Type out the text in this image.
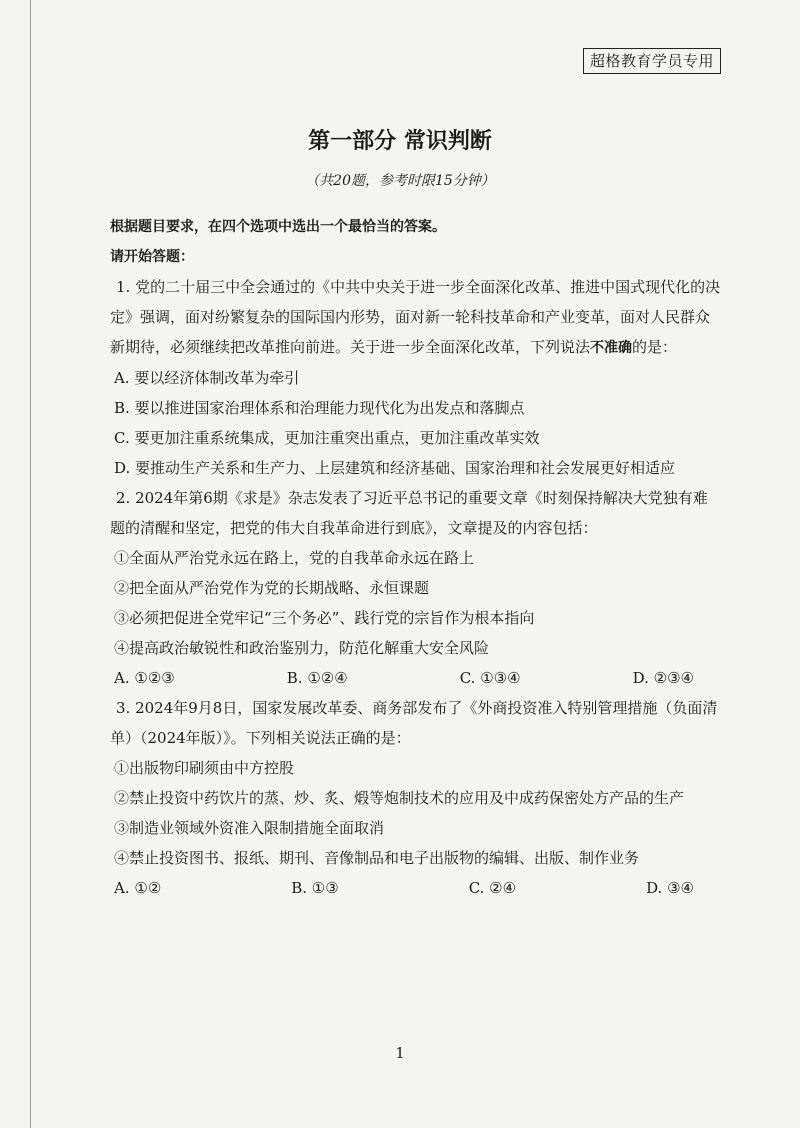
超格教育学员专用
第一部分 常识判断
（共20题，参考时限15分钟）

根据题目要求，在四个选项中选出一个最恰当的答案。

请开始答题：

1. 党的二十届三中全会通过的《中共中央关于进一步全面深化改革、推进中国式现代化的决定》强调，面对纷繁复杂的国际国内形势，面对新一轮科技革命和产业变革，面对人民群众新期待，必须继续把改革推向前进。关于进一步全面深化改革，下列说法不准确的是：

A. 要以经济体制改革为牵引

B. 要以推进国家治理体系和治理能力现代化为出发点和落脚点

C. 要更加注重系统集成，更加注重突出重点，更加注重改革实效

D. 要推动生产关系和生产力、上层建筑和经济基础、国家治理和社会发展更好相适应

2. 2024年第6期《求是》杂志发表了习近平总书记的重要文章《时刻保持解决大党独有难题的清醒和坚定，把党的伟大自我革命进行到底》，文章提及的内容包括：

①全面从严治党永远在路上，党的自我革命永远在路上

②把全面从严治党作为党的长期战略、永恒课题

③必须把促进全党牢记“三个务必”、践行党的宗旨作为根本指向

④提高政治敏锐性和政治鉴别力，防范化解重大安全风险

A. ①②③	B. ①②④	C. ①③④	D. ②③④

3. 2024年9月8日，国家发展改革委、商务部发布了《外商投资准入特别管理措施（负面清单）（2024年版）》。下列相关说法正确的是：

①出版物印刷须由中方控股

②禁止投资中药饮片的蒸、炒、炙、煅等炮制技术的应用及中成药保密处方产品的生产

③制造业领域外资准入限制措施全面取消

④禁止投资图书、报纸、期刊、音像制品和电子出版物的编辑、出版、制作业务

A. ①②	B. ①③	C. ②④	D. ③④

1
